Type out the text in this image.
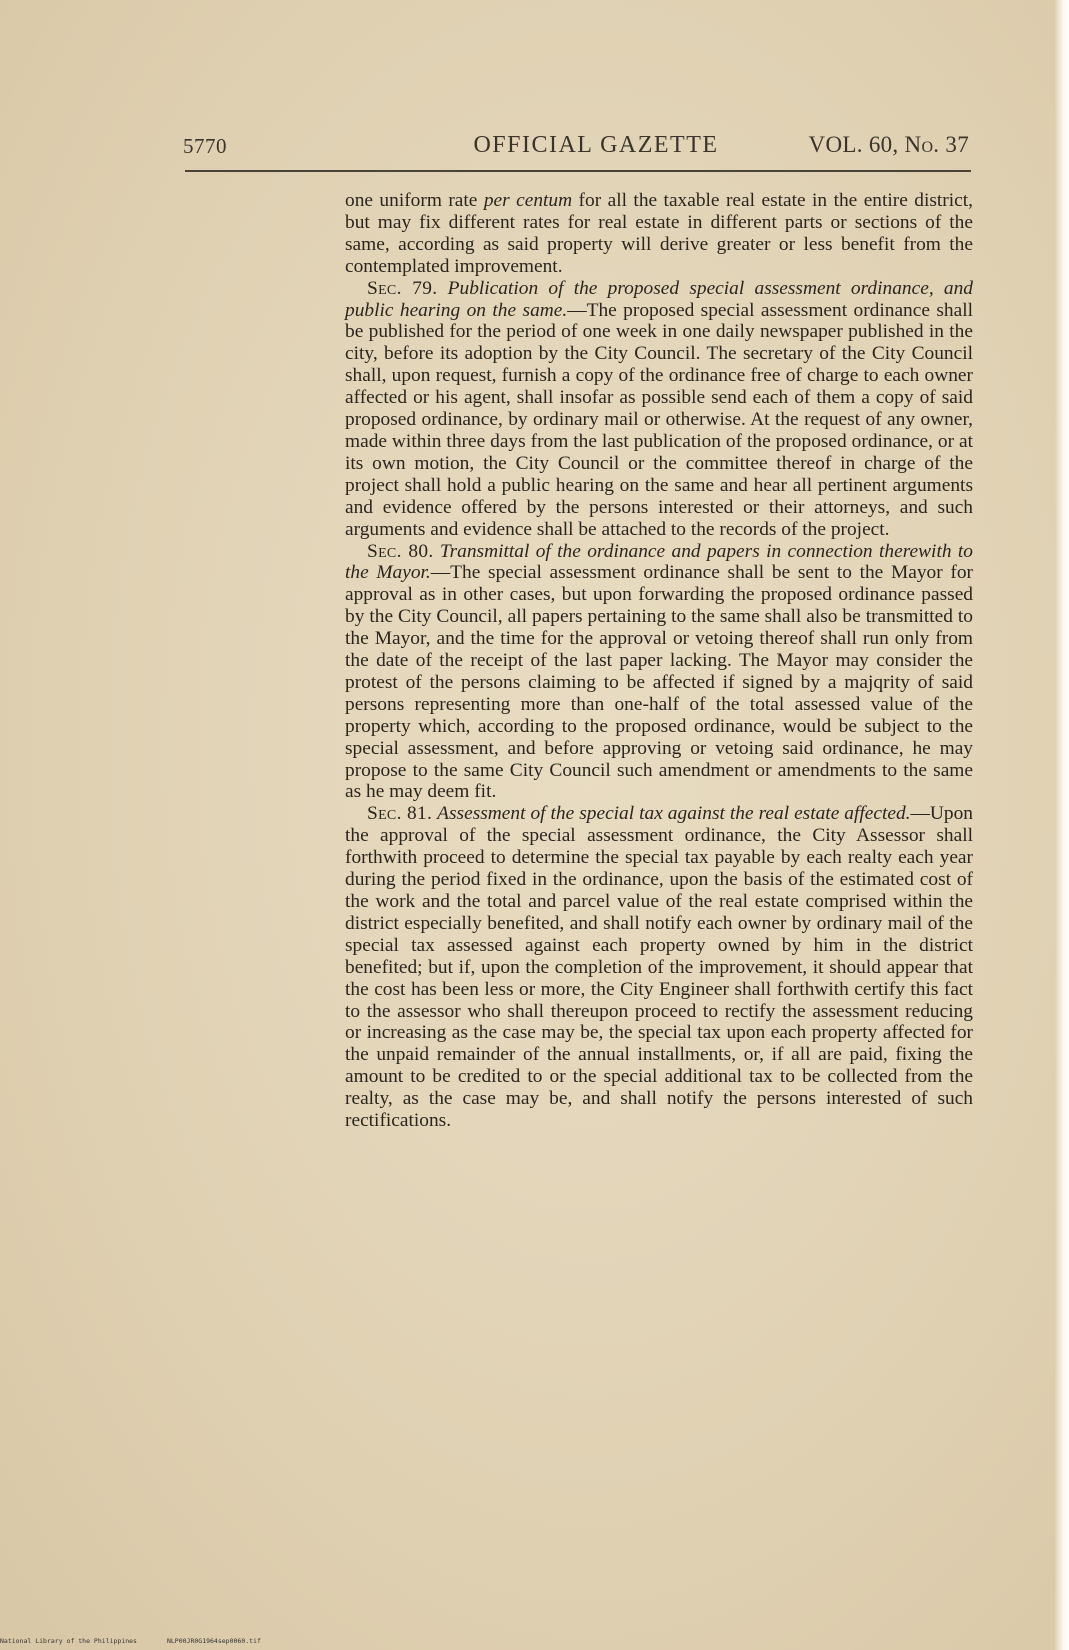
5770	OFFICIAL GAZETTE	VOL. 60, No. 37

one uniform rate per centum for all the taxable real estate in the entire district, but may fix different rates for real estate in different parts or sections of the same, according as said property will derive greater or less benefit from the contemplated improvement.

Sec. 79. Publication of the proposed special assessment ordinance, and public hearing on the same.—The proposed special assessment ordinance shall be published for the period of one week in one daily newspaper published in the city, before its adoption by the City Council. The secretary of the City Council shall, upon request, furnish a copy of the ordinance free of charge to each owner affected or his agent, shall insofar as possible send each of them a copy of said proposed ordinance, by ordinary mail or otherwise. At the request of any owner, made within three days from the last publication of the proposed ordinance, or at its own motion, the City Council or the committee thereof in charge of the project shall hold a public hearing on the same and hear all pertinent arguments and evidence offered by the persons interested or their attorneys, and such arguments and evidence shall be attached to the records of the project.

Sec. 80. Transmittal of the ordinance and papers in connection therewith to the Mayor.—The special assessment ordinance shall be sent to the Mayor for approval as in other cases, but upon forwarding the proposed ordinance passed by the City Council, all papers pertaining to the same shall also be transmitted to the Mayor, and the time for the approval or vetoing thereof shall run only from the date of the receipt of the last paper lacking. The Mayor may consider the protest of the persons claiming to be affected if signed by a majqrity of said persons representing more than one-half of the total assessed value of the property which, according to the proposed ordinance, would be subject to the special assessment, and before approving or vetoing said ordinance, he may propose to the same City Council such amendment or amendments to the same as he may deem fit.

Sec. 81. Assessment of the special tax against the real estate affected.—Upon the approval of the special assessment ordinance, the City Assessor shall forthwith proceed to determine the special tax payable by each realty each year during the period fixed in the ordinance, upon the basis of the estimated cost of the work and the total and parcel value of the real estate comprised within the district especially benefited, and shall notify each owner by ordinary mail of the special tax assessed against each property owned by him in the district benefited; but if, upon the completion of the improvement, it should appear that the cost has been less or more, the City Engineer shall forthwith certify this fact to the assessor who shall thereupon proceed to rectify the assessment reducing or increasing as the case may be, the special tax upon each property affected for the unpaid remainder of the annual installments, or, if all are paid, fixing the amount to be credited to or the special additional tax to be collected from the realty, as the case may be, and shall notify the persons interested of such rectifications.

National Library of the Philippines	NLP00JR0G1964sep0060.tif
